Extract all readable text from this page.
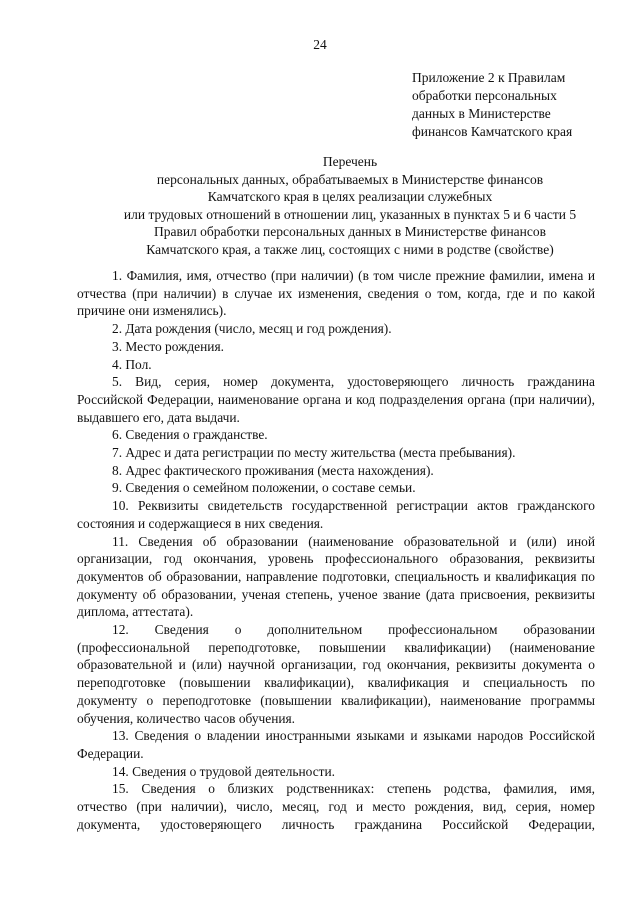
24
Приложение 2 к Правилам
обработки персональных
данных в Министерстве
финансов Камчатского края
Перечень
персональных данных, обрабатываемых в Министерстве финансов
Камчатского края в целях реализации служебных
или трудовых отношений в отношении лиц, указанных в пунктах 5 и 6 части 5
Правил обработки персональных данных в Министерстве финансов
Камчатского края, а также лиц, состоящих с ними в родстве (свойстве)

1. Фамилия, имя, отчество (при наличии) (в том числе прежние фамилии, имена и отчества (при наличии) в случае их изменения, сведения о том, когда, где и по какой причине они изменялись).

2. Дата рождения (число, месяц и год рождения).

3. Место рождения.

4. Пол.

5. Вид, серия, номер документа, удостоверяющего личность гражданина Российской Федерации, наименование органа и код подразделения органа (при наличии), выдавшего его, дата выдачи.

6. Сведения о гражданстве.

7. Адрес и дата регистрации по месту жительства (места пребывания).

8. Адрес фактического проживания (места нахождения).

9. Сведения о семейном положении, о составе семьи.

10. Реквизиты свидетельств государственной регистрации актов гражданского состояния и содержащиеся в них сведения.

11. Сведения об образовании (наименование образовательной и (или) иной организации, год окончания, уровень профессионального образования, реквизиты документов об образовании, направление подготовки, специальность и квалификация по документу об образовании, ученая степень, ученое звание (дата присвоения, реквизиты диплома, аттестата).

12. Сведения о дополнительном профессиональном образовании (профессиональной переподготовке, повышении квалификации) (наименование образовательной и (или) научной организации, год окончания, реквизиты документа о переподготовке (повышении квалификации), квалификация и специальность по документу о переподготовке (повышении квалификации), наименование программы обучения, количество часов обучения.

13. Сведения о владении иностранными языками и языками народов Российской Федерации.

14. Сведения о трудовой деятельности.

15. Сведения о близких родственниках: степень родства, фамилия, имя,
отчество (при наличии), число, месяц, год и место рождения, вид, серия, номер
документа, удостоверяющего личность гражданина Российской Федерации,
